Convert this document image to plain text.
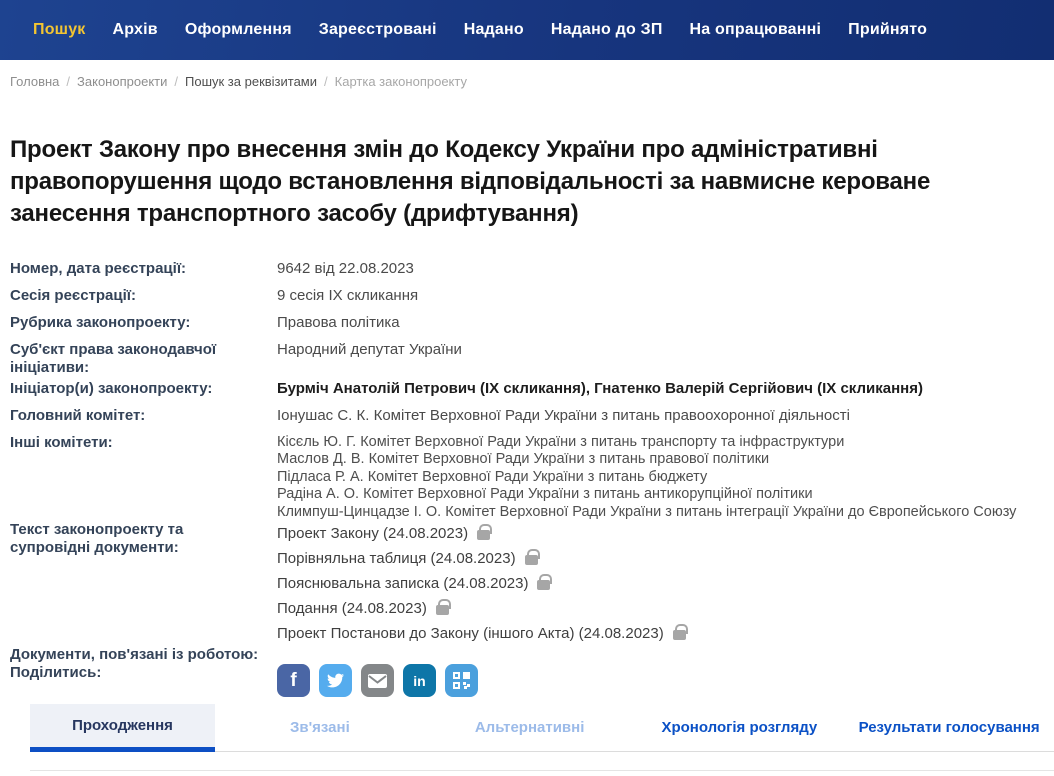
Пошук Архів Оформлення Зареєстровані Надано Надано до ЗП На опрацюванні Прийнято
Головна / Законопроекти / Пошук за реквізитами / Картка законопроекту
Проект Закону про внесення змін до Кодексу України про адміністративні правопорушення щодо встановлення відповідальності за навмисне кероване занесення транспортного засобу (дрифтування)
Номер, дата реєстрації:	9642 від 22.08.2023
Сесія реєстрації:	9 сесія ІХ скликання
Рубрика законопроекту:	Правова політика
Суб'єкт права законодавчої ініціативи:
Народний депутат України
Ініціатор(и) законопроекту:	Бурміч Анатолій Петрович (ІХ скликання), Гнатенко Валерій Сергійович (ІХ скликання)
Головний комітет:	Іонушас С. К. Комітет Верховної Ради України з питань правоохоронної діяльності
Інші комітети:	Кісєль Ю. Г. Комітет Верховної Ради України з питань транспорту та інфраструктури
Маслов Д. В. Комітет Верховної Ради України з питань правової політики
Підласа Р. А. Комітет Верховної Ради України з питань бюджету
Радіна А. О. Комітет Верховної Ради України з питань антикорупційної політики
Климпуш-Цинцадзе І. О. Комітет Верховної Ради України з питань інтеграції України до Європейського Союзу
Текст законопроекту та супровідні документи:
Проект Закону (24.08.2023)
Порівняльна таблиця (24.08.2023)
Пояснювальна записка (24.08.2023)
Подання (24.08.2023)
Проект Постанови до Закону (іншого Акта) (24.08.2023)
Документи, пов'язані із роботою:
Поділитись:	f	in
Проходження	Зв'язані	Альтернативні	Хронологія розгляду	Результати голосування
